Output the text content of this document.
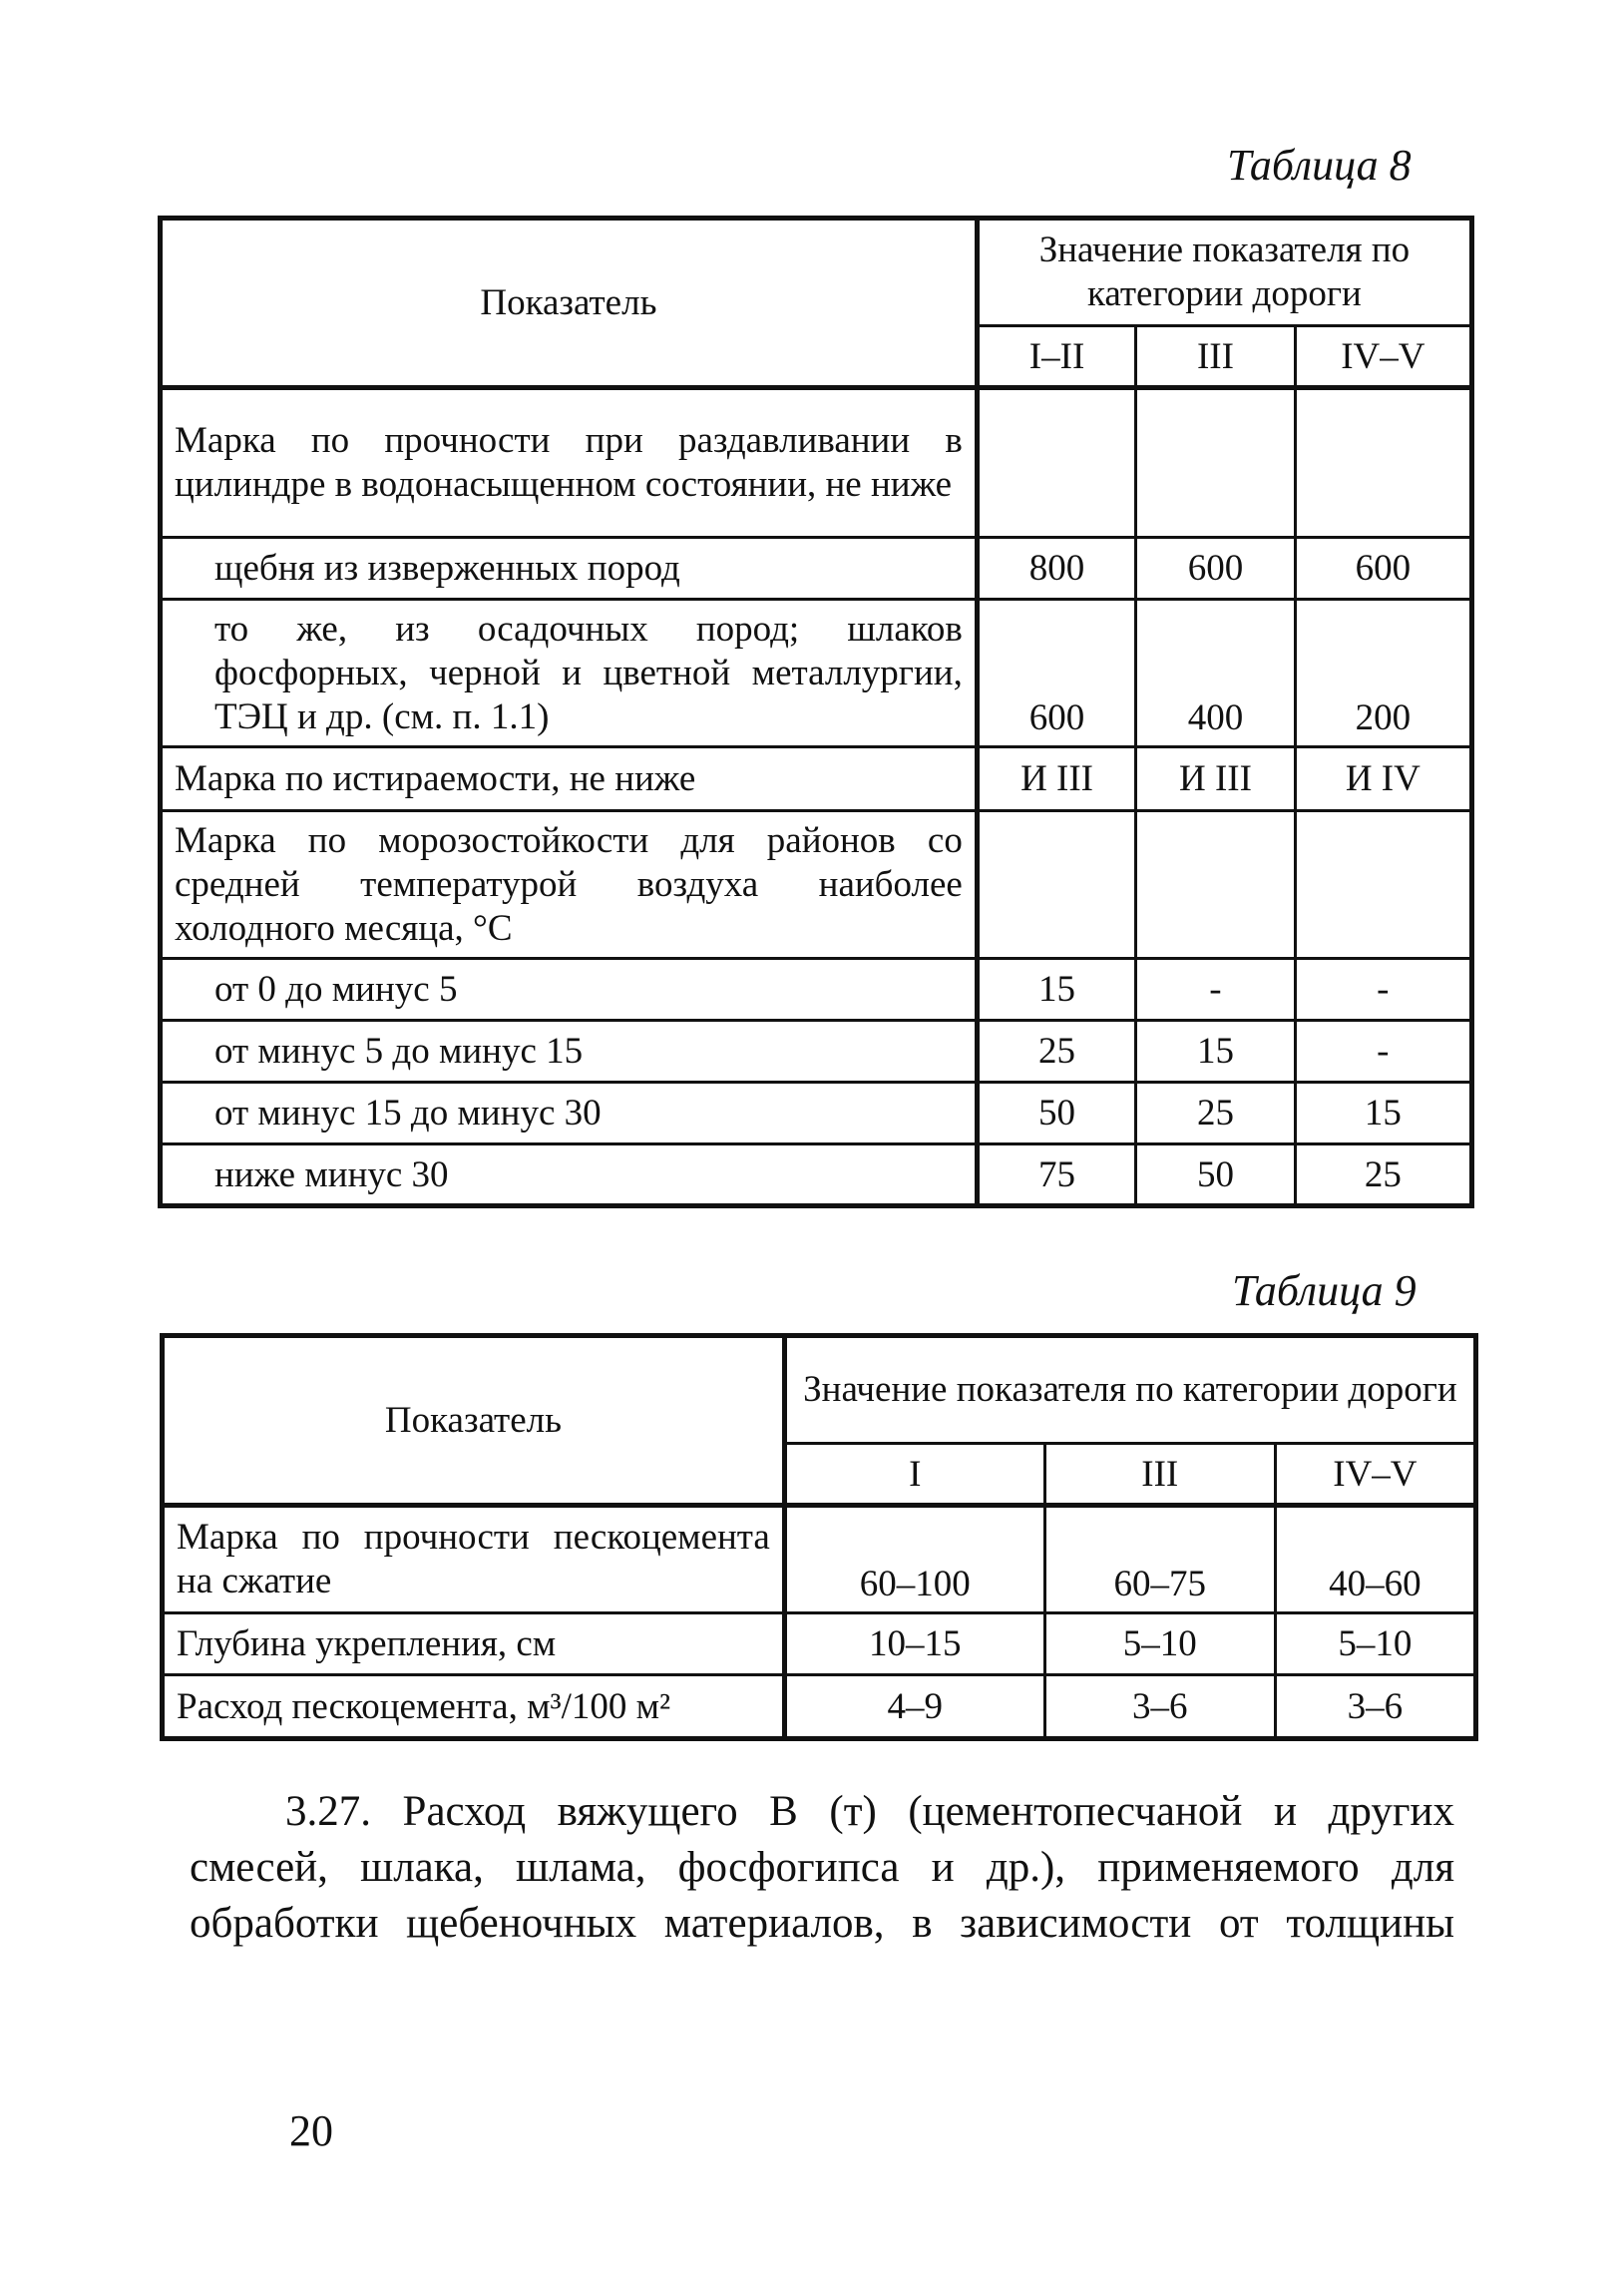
Таблица 8
Показатель	Значение показателя по категории дороги		
	I–II	III	IV–V
Марка по прочности при раздавливании в цилиндре в водонасыщенном состоянии, не ниже			
щебня из изверженных пород	800	600	600
то же, из осадочных пород; шлаков фосфорных, черной и цветной металлургии, ТЭЦ и др. (см. п. 1.1)	600	400	200
Марка по истираемости, не ниже	И III	И III	И IV
Марка по морозостойкости для районов со средней температурой воздуха наиболее холодного месяца, °С			
от 0 до минус 5	15	-	-
от минус 5 до минус 15	25	15	-
от минус 15 до минус 30	50	25	15
ниже минус 30	75	50	25
Таблица 9
Показатель	Значение показателя по категории дороги		
	I	III	IV–V
Марка по прочности пескоцемента на сжатие	60–100	60–75	40–60
Глубина укрепления, см	10–15	5–10	5–10
Расход пескоцемента, м³/100 м²	4–9	3–6	3–6
3.27. Расход вяжущего B (т) (цементопесчаной и других смесей, шлака, шлама, фосфогипса и др.), применяемого для обработки щебеночных материалов, в зависимости от толщины
20
